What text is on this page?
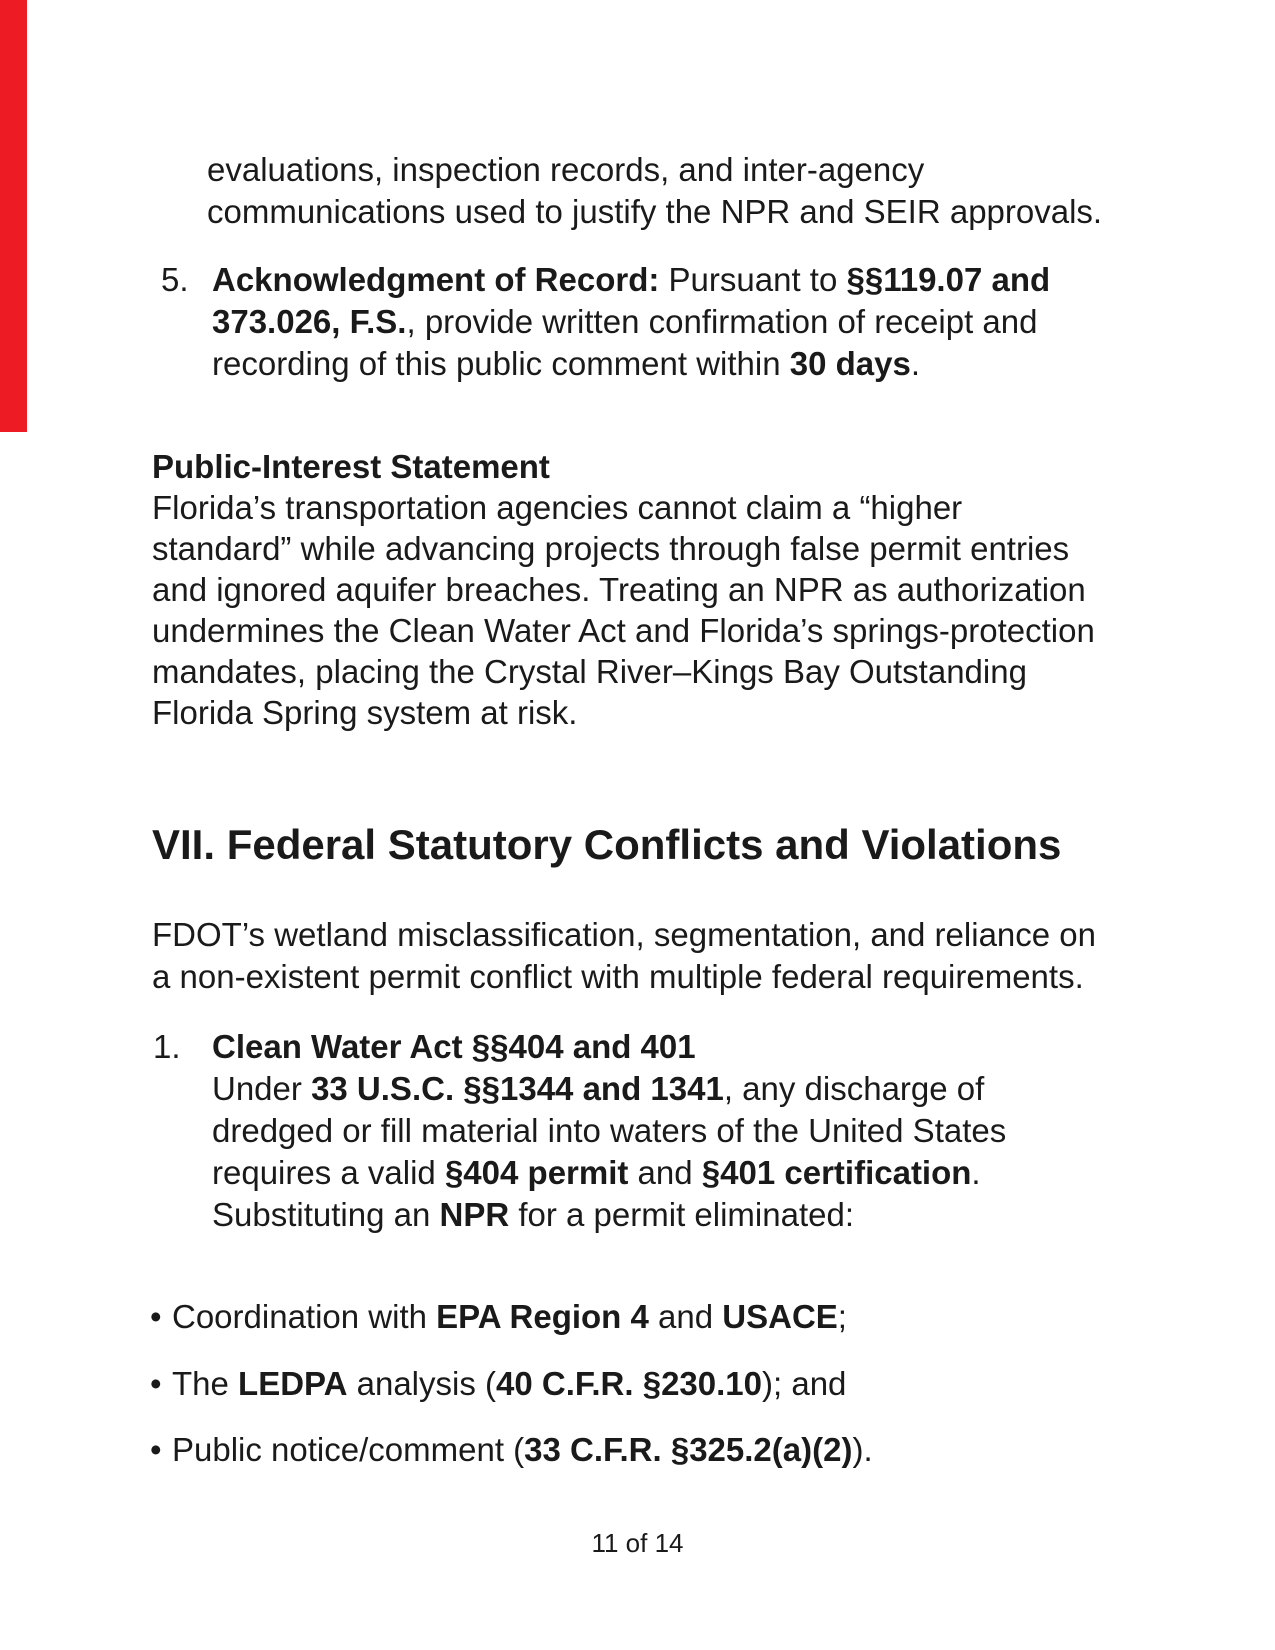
evaluations, inspection records, and inter-agency
communications used to justify the NPR and SEIR approvals.
5. Acknowledgment of Record: Pursuant to §§119.07 and
373.026, F.S., provide written confirmation of receipt and
recording of this public comment within 30 days.
Public-Interest Statement
Florida’s transportation agencies cannot claim a “higher
standard” while advancing projects through false permit entries
and ignored aquifer breaches. Treating an NPR as authorization
undermines the Clean Water Act and Florida’s springs-protection
mandates, placing the Crystal River–Kings Bay Outstanding
Florida Spring system at risk.
VII. Federal Statutory Conflicts and Violations
FDOT’s wetland misclassification, segmentation, and reliance on
a non-existent permit conflict with multiple federal requirements.
1. Clean Water Act §§404 and 401
Under 33 U.S.C. §§1344 and 1341, any discharge of
dredged or fill material into waters of the United States
requires a valid §404 permit and §401 certification.
Substituting an NPR for a permit eliminated:
• Coordination with EPA Region 4 and USACE;
• The LEDPA analysis (40 C.F.R. §230.10); and
• Public notice/comment (33 C.F.R. §325.2(a)(2)).
11 of 14
